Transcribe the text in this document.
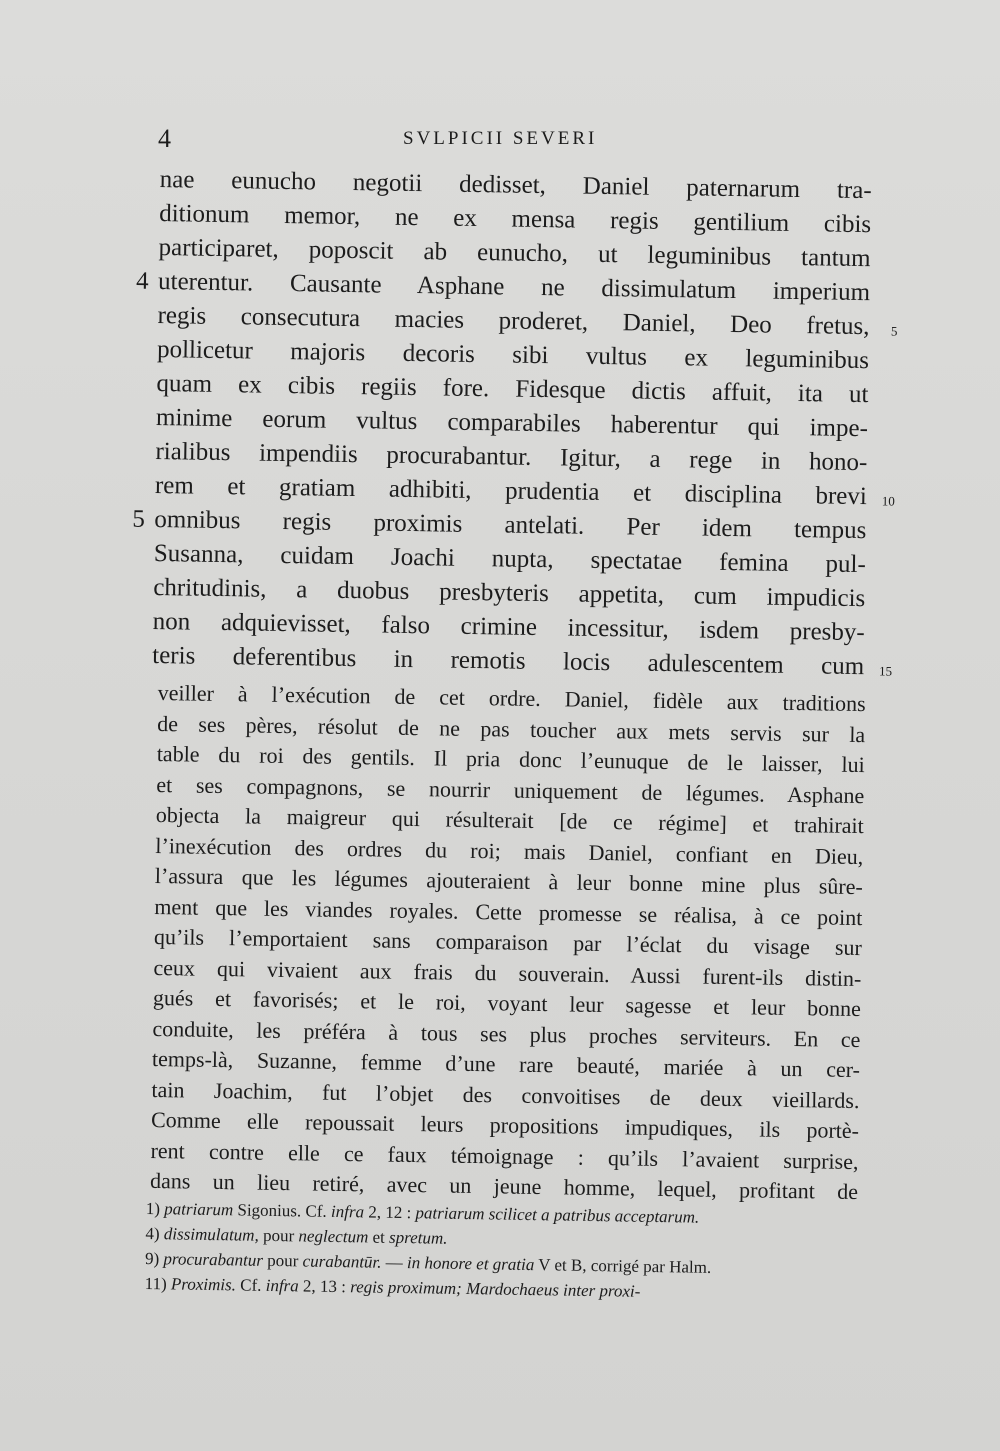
4	SVLPICII SEVERI
nae eunucho negotii dedisset, Daniel paternarum tra-
ditionum memor, ne ex mensa regis gentilium cibis
participaret, poposcit ab eunucho, ut leguminibus tantum
4 uterentur. Causante Asphane ne dissimulatum imperium
regis consecutura macies proderet, Daniel, Deo fretus, 5
pollicetur majoris decoris sibi vultus ex leguminibus
quam ex cibis regiis fore. Fidesque dictis affuit, ita ut
minime eorum vultus comparabiles haberentur qui impe-
rialibus impendiis procurabantur. Igitur, a rege in hono-
rem et gratiam adhibiti, prudentia et disciplina brevi 10
5 omnibus regis proximis antelati. Per idem tempus
Susanna, cuidam Joachi nupta, spectatae femina pul-
chritudinis, a duobus presbyteris appetita, cum impudicis
non adquievisset, falso crimine incessitur, isdem presby-
teris deferentibus in remotis locis adulescentem cum 15
veiller à l’exécution de cet ordre. Daniel, fidèle aux traditions
de ses pères, résolut de ne pas toucher aux mets servis sur la
table du roi des gentils. Il pria donc l’eunuque de le laisser, lui
et ses compagnons, se nourrir uniquement de légumes. Asphane
objecta la maigreur qui résulterait [de ce régime] et trahirait
l’inexécution des ordres du roi; mais Daniel, confiant en Dieu,
l’assura que les légumes ajouteraient à leur bonne mine plus sûre-
ment que les viandes royales. Cette promesse se réalisa, à ce point
qu’ils l’emportaient sans comparaison par l’éclat du visage sur
ceux qui vivaient aux frais du souverain. Aussi furent-ils distin-
gués et favorisés; et le roi, voyant leur sagesse et leur bonne
conduite, les préféra à tous ses plus proches serviteurs. En ce
temps-là, Suzanne, femme d’une rare beauté, mariée à un cer-
tain Joachim, fut l’objet des convoitises de deux vieillards.
Comme elle repoussait leurs propositions impudiques, ils portè-
rent contre elle ce faux témoignage : qu’ils l’avaient surprise,
dans un lieu retiré, avec un jeune homme, lequel, profitant de
1) patriarum Sigonius. Cf. infra 2, 12 : patriarum scilicet a patribus acceptarum.
4) dissimulatum, pour neglectum et spretum.
9) procurabantur pour curabantūr. — in honore et gratia V et B, corrigé par Halm.
11) Proximis. Cf. infra 2, 13 : regis proximum; Mardochaeus inter proxi-
